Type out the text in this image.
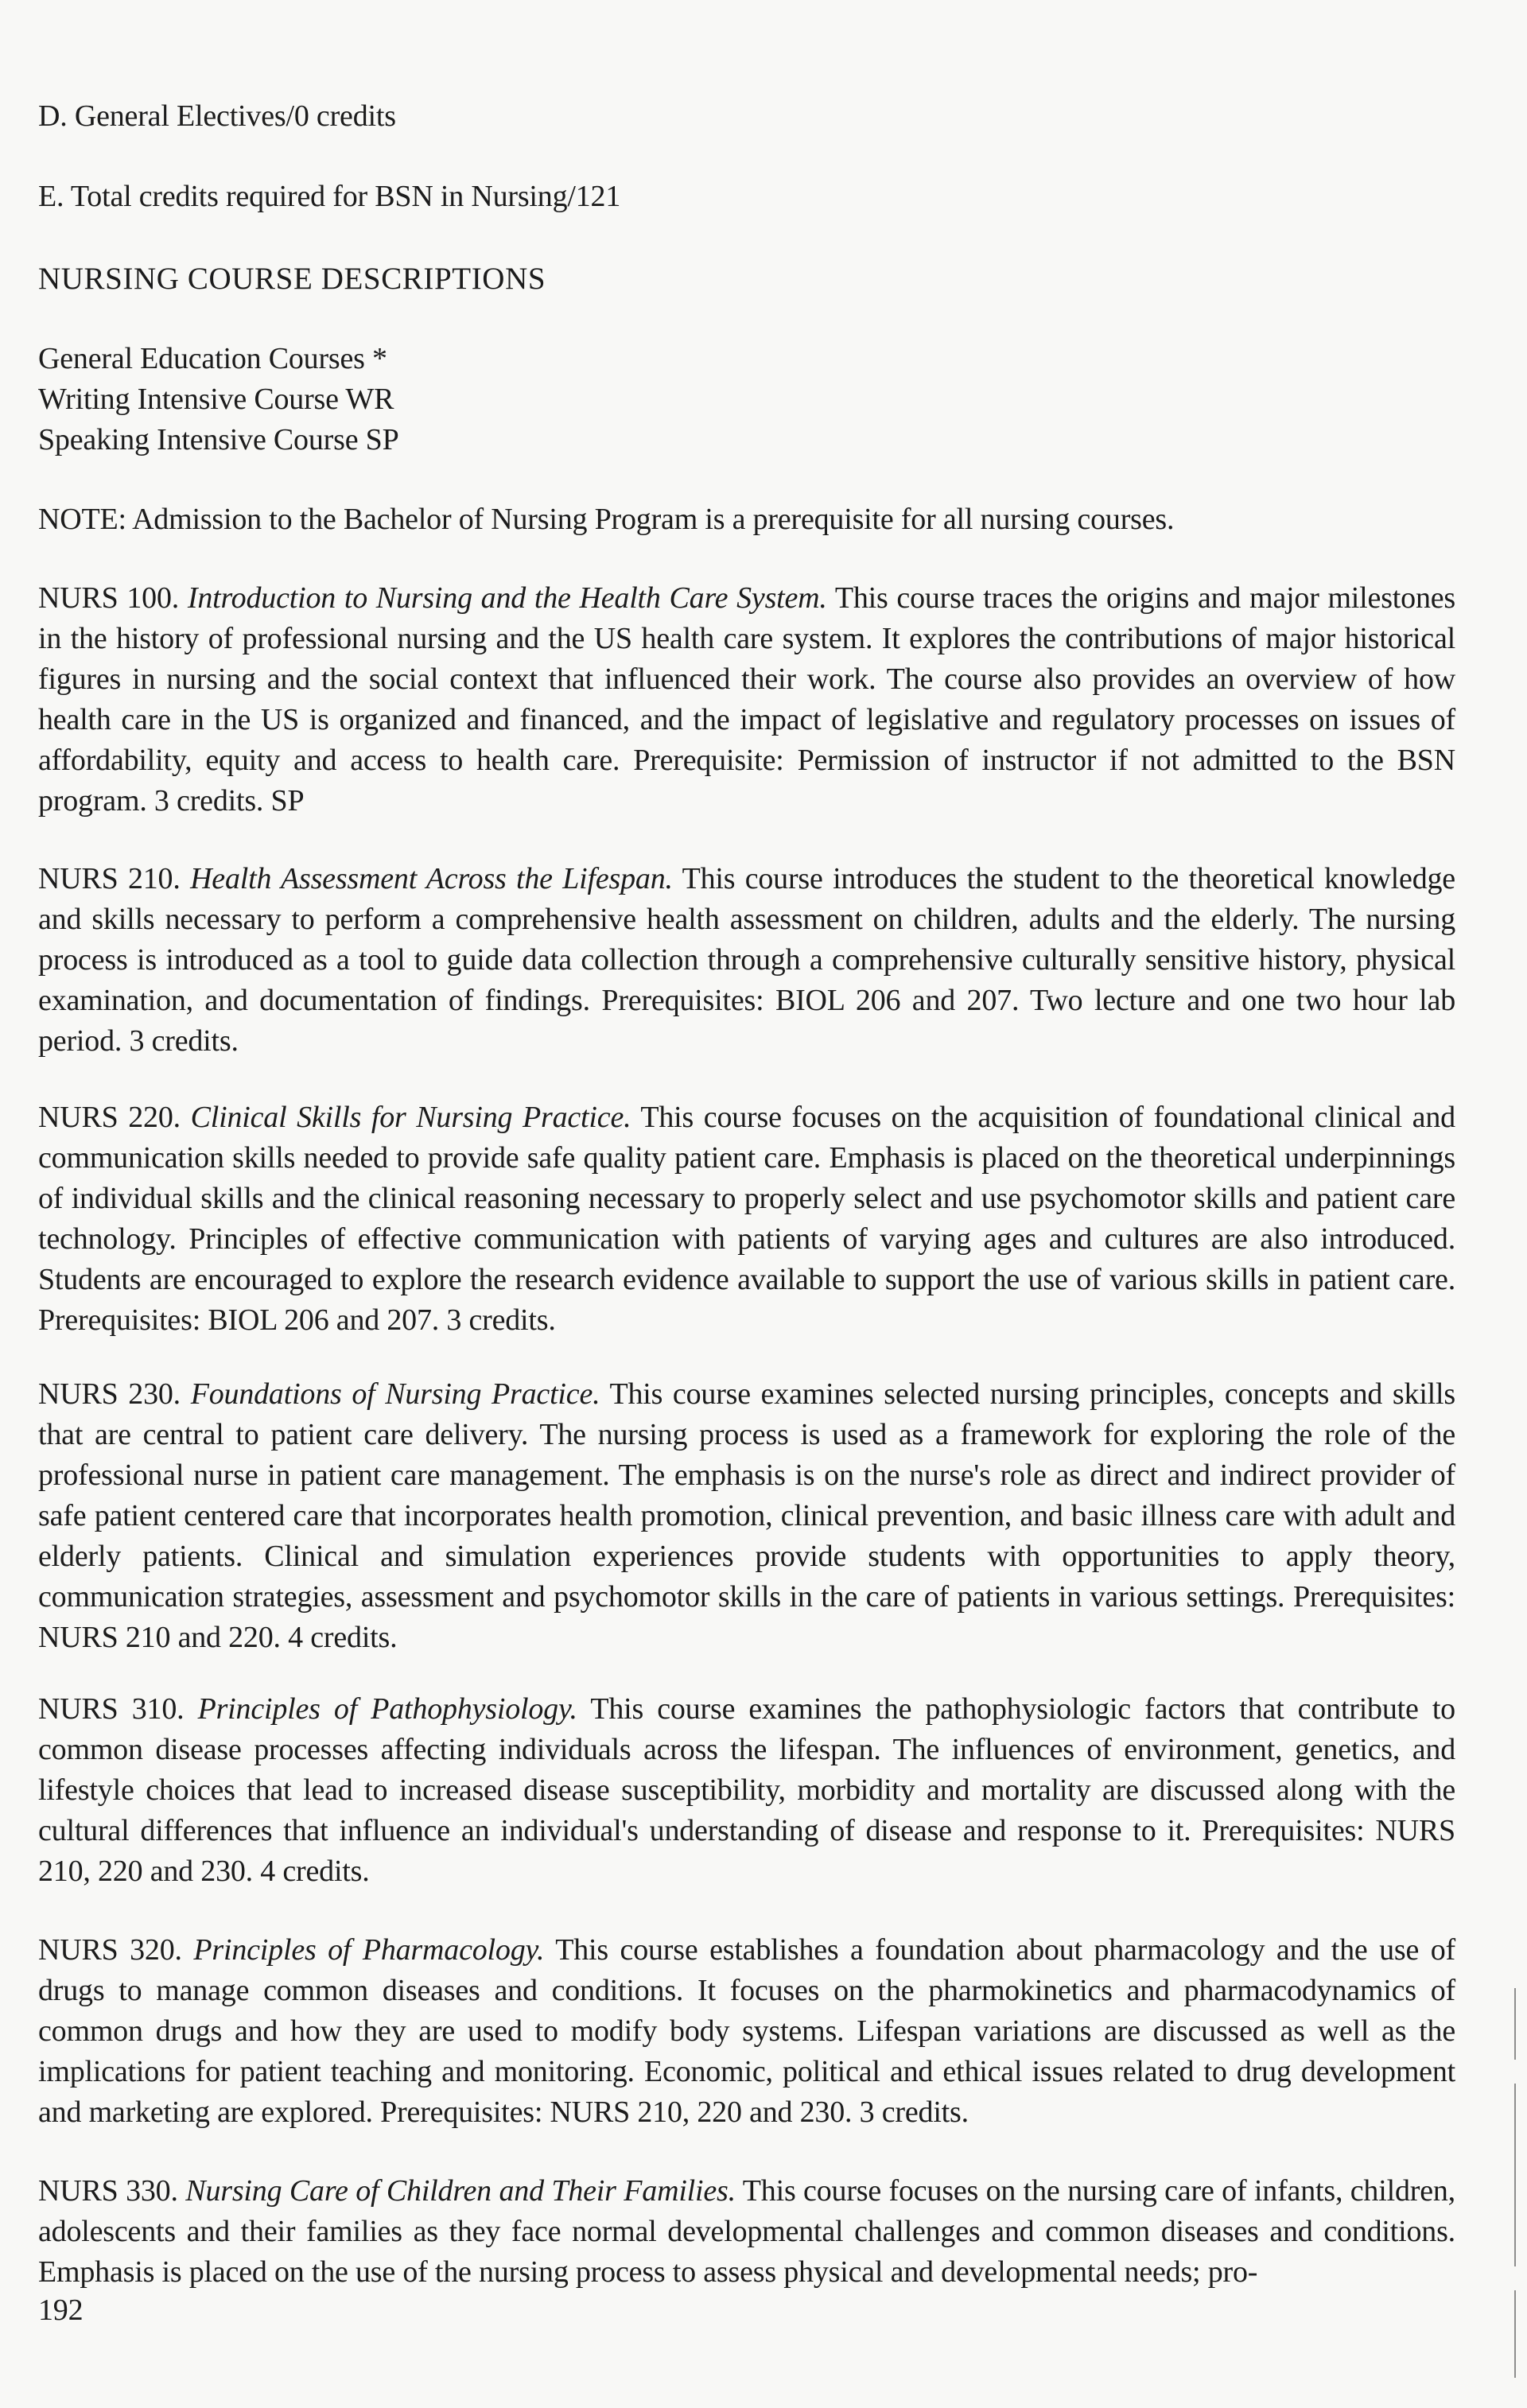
D. General Electives/0 credits
E. Total credits required for BSN in Nursing/121
NURSING COURSE DESCRIPTIONS
General Education Courses *
Writing Intensive Course WR
Speaking Intensive Course SP
NOTE: Admission to the Bachelor of Nursing Program is a prerequisite for all nursing courses.
NURS 100. Introduction to Nursing and the Health Care System. This course traces the origins and major milestones in the history of professional nursing and the US health care system. It explores the contributions of major historical figures in nursing and the social context that influenced their work. The course also provides an overview of how health care in the US is organized and financed, and the impact of legislative and regulatory processes on issues of affordability, equity and access to health care. Prerequisite: Permission of instructor if not admitted to the BSN program. 3 credits. SP
NURS 210. Health Assessment Across the Lifespan. This course introduces the student to the theoretical knowledge and skills necessary to perform a comprehensive health assessment on children, adults and the elderly. The nursing process is introduced as a tool to guide data collection through a comprehensive culturally sensitive history, physical examination, and documentation of findings. Prerequisites: BIOL 206 and 207. Two lecture and one two hour lab period. 3 credits.
NURS 220. Clinical Skills for Nursing Practice. This course focuses on the acquisition of foundational clinical and communication skills needed to provide safe quality patient care. Emphasis is placed on the theoretical underpinnings of individual skills and the clinical reasoning necessary to properly select and use psychomotor skills and patient care technology. Principles of effective communication with patients of varying ages and cultures are also introduced. Students are encouraged to explore the research evidence available to support the use of various skills in patient care. Prerequisites: BIOL 206 and 207. 3 credits.
NURS 230. Foundations of Nursing Practice. This course examines selected nursing principles, concepts and skills that are central to patient care delivery. The nursing process is used as a framework for exploring the role of the professional nurse in patient care management. The emphasis is on the nurse's role as direct and indirect provider of safe patient centered care that incorporates health promotion, clinical prevention, and basic illness care with adult and elderly patients. Clinical and simulation experiences provide students with opportunities to apply theory, communication strategies, assessment and psychomotor skills in the care of patients in various settings. Prerequisites: NURS 210 and 220. 4 credits.
NURS 310. Principles of Pathophysiology. This course examines the pathophysiologic factors that contribute to common disease processes affecting individuals across the lifespan. The influences of environment, genetics, and lifestyle choices that lead to increased disease susceptibility, morbidity and mortality are discussed along with the cultural differences that influence an individual's understanding of disease and response to it. Prerequisites: NURS 210, 220 and 230. 4 credits.
NURS 320. Principles of Pharmacology. This course establishes a foundation about pharmacology and the use of drugs to manage common diseases and conditions. It focuses on the pharmokinetics and pharmacodynamics of common drugs and how they are used to modify body systems. Lifespan variations are discussed as well as the implications for patient teaching and monitoring. Economic, political and ethical issues related to drug development and marketing are explored. Prerequisites: NURS 210, 220 and 230. 3 credits.
NURS 330. Nursing Care of Children and Their Families. This course focuses on the nursing care of infants, children, adolescents and their families as they face normal developmental challenges and common diseases and conditions. Emphasis is placed on the use of the nursing process to assess physical and developmental needs; pro-
192
